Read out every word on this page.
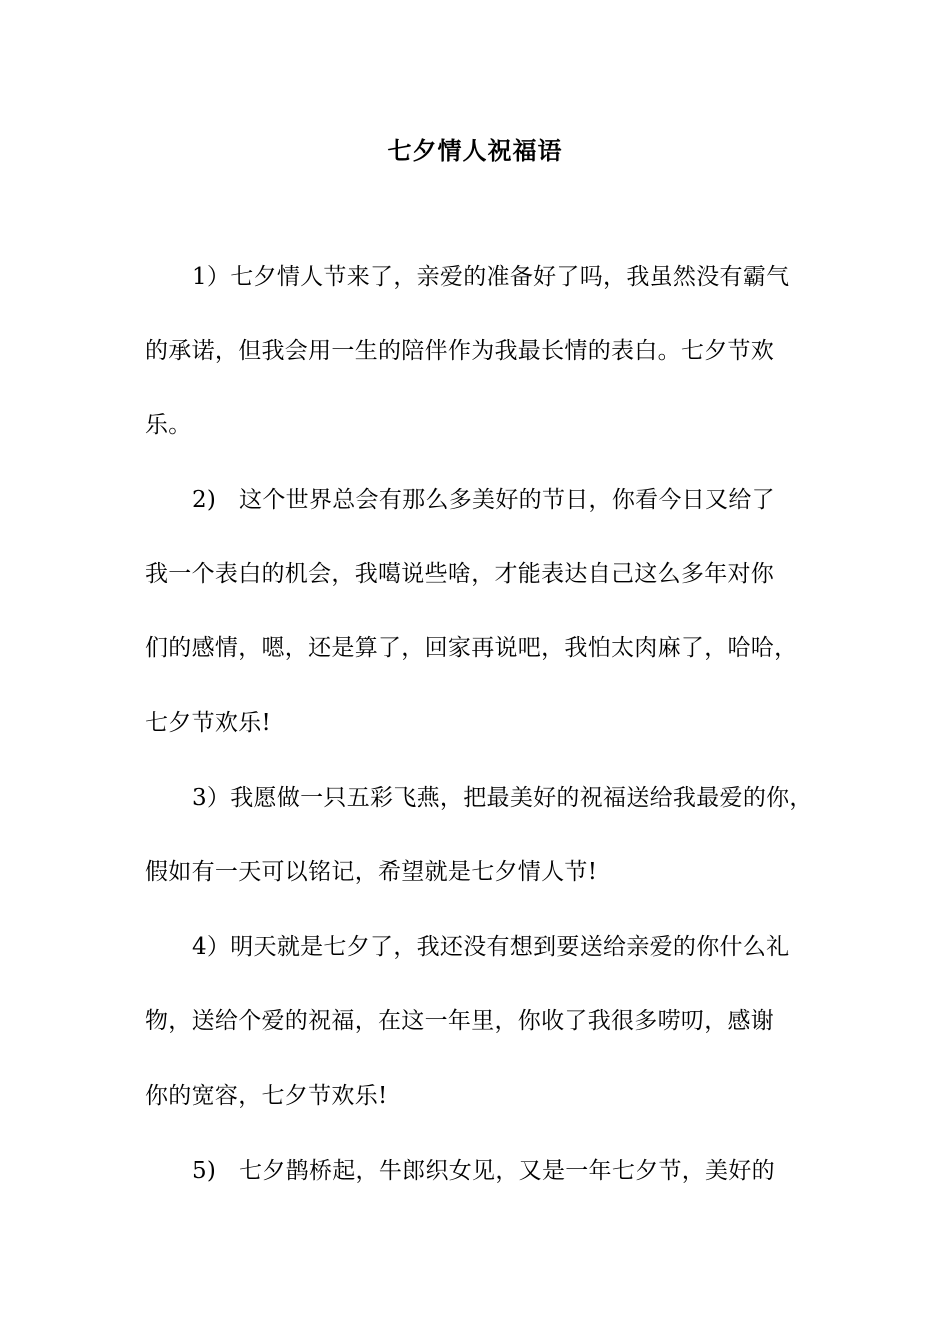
七夕情人祝福语
1）七夕情人节来了，亲爱的准备好了吗，我虽然没有霸气
的承诺，但我会用一生的陪伴作为我最长情的表白。七夕节欢
乐。
2)   这个世界总会有那么多美好的节日，你看今日又给了
我一个表白的机会，我噶说些啥，才能表达自己这么多年对你
们的感情，嗯，还是算了，回家再说吧，我怕太肉麻了，哈哈，
七夕节欢乐!
3）我愿做一只五彩飞燕，把最美好的祝福送给我最爱的你，
假如有一天可以铭记，希望就是七夕情人节!
4）明天就是七夕了，我还没有想到要送给亲爱的你什么礼
物，送给个爱的祝福，在这一年里，你收了我很多唠叨，感谢
你的宽容，七夕节欢乐!
5)   七夕鹊桥起，牛郎织女见，又是一年七夕节，美好的
